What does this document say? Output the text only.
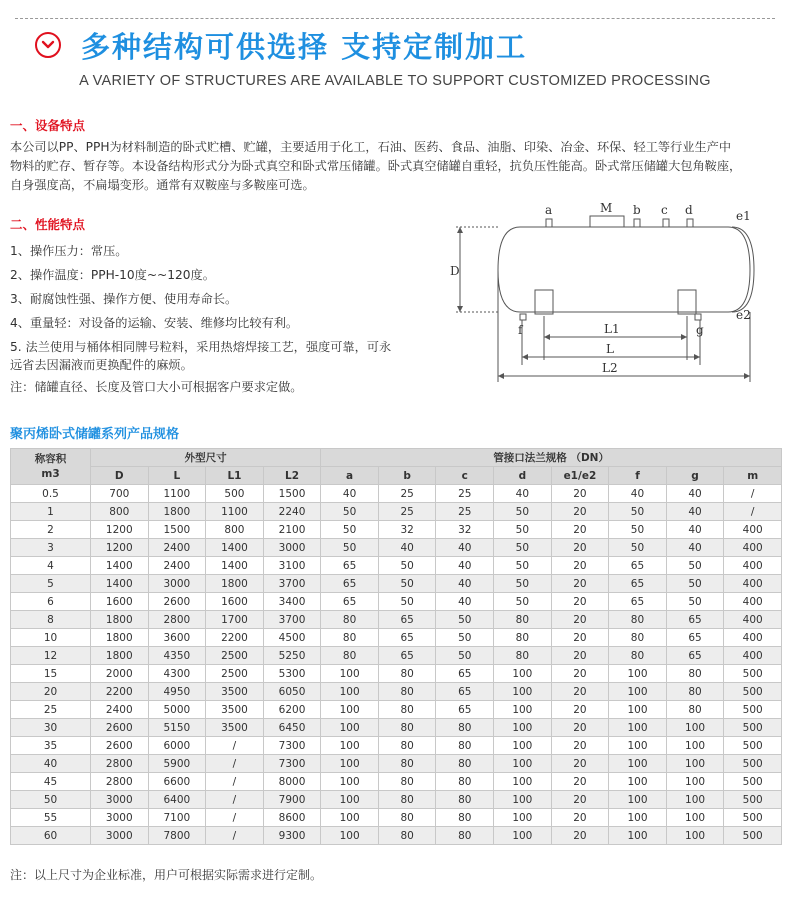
多种结构可供选择 支持定制加工
A VARIETY OF STRUCTURES ARE AVAILABLE TO SUPPORT CUSTOMIZED PROCESSING
一、设备特点
本公司以PP、PPH为材料制造的卧式贮槽、贮罐，主要适用于化工，石油、医药、食品、油脂、印染、冶金、环保、轻工等行业生产中
物料的贮存、暂存等。本设备结构形式分为卧式真空和卧式常压储罐。卧式真空储罐自重轻，抗负压性能高。卧式常压储罐大包角鞍座，
自身强度高，不扁塌变形。通常有双鞍座与多鞍座可选。
二、性能特点
1、操作压力：常压。
2、操作温度：PPH-10度~~120度。
3、耐腐蚀性强、操作方便、使用寿命长。
4、重量轻：对设备的运输、安装、维修均比较有利。
5. 法兰使用与桶体相同牌号粒料，采用热熔焊接工艺，强度可靠，可永
远省去因漏液而更换配件的麻烦。
注：储罐直径、长度及管口大小可根据客户要求定做。
a	M b c d	e1
e2
f	g
D
L1
L
L2
聚丙烯卧式储罐系列产品规格
称容积
m3	外型尺寸				管接口法兰规格 （DN）							
	D	L	L1	L2	a	b	c	d	e1/e2	f	g	m
0.5	700	1100	500	1500	40	25	25	40	20	40	40	/
1	800	1800	1100	2240	50	25	25	50	20	50	40	/
2	1200	1500	800	2100	50	32	32	50	20	50	40	400
3	1200	2400	1400	3000	50	40	40	50	20	50	40	400
4	1400	2400	1400	3100	65	50	40	50	20	65	50	400
5	1400	3000	1800	3700	65	50	40	50	20	65	50	400
6	1600	2600	1600	3400	65	50	40	50	20	65	50	400
8	1800	2800	1700	3700	80	65	50	80	20	80	65	400
10	1800	3600	2200	4500	80	65	50	80	20	80	65	400
12	1800	4350	2500	5250	80	65	50	80	20	80	65	400
15	2000	4300	2500	5300	100	80	65	100	20	100	80	500
20	2200	4950	3500	6050	100	80	65	100	20	100	80	500
25	2400	5000	3500	6200	100	80	65	100	20	100	80	500
30	2600	5150	3500	6450	100	80	80	100	20	100	100	500
35	2600	6000	/	7300	100	80	80	100	20	100	100	500
40	2800	5900	/	7300	100	80	80	100	20	100	100	500
45	2800	6600	/	8000	100	80	80	100	20	100	100	500
50	3000	6400	/	7900	100	80	80	100	20	100	100	500
55	3000	7100	/	8600	100	80	80	100	20	100	100	500
60	3000	7800	/	9300	100	80	80	100	20	100	100	500
注：以上尺寸为企业标准，用户可根据实际需求进行定制。
